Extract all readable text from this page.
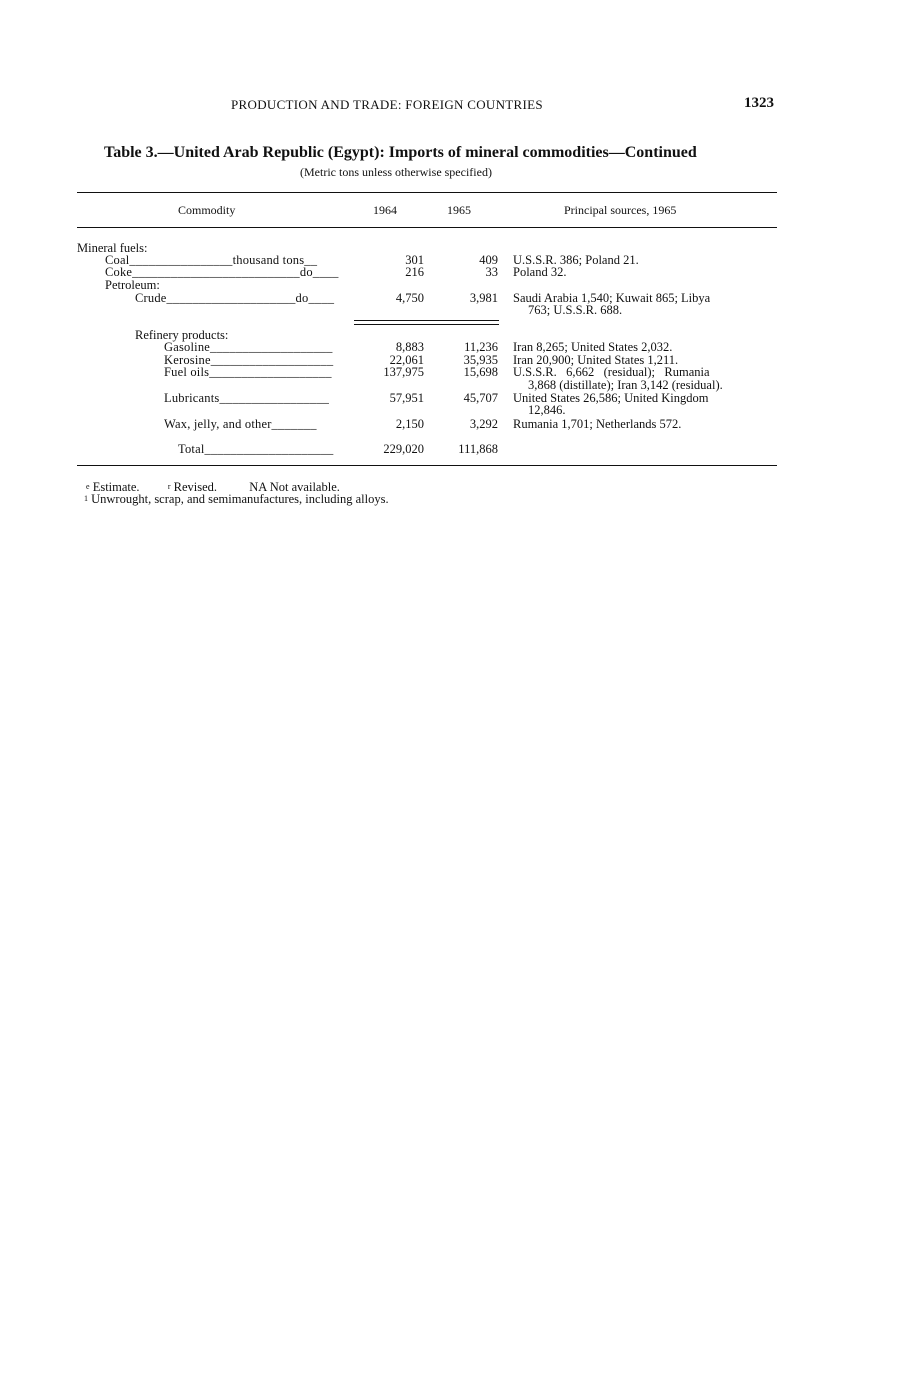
PRODUCTION AND TRADE: FOREIGN COUNTRIES	1323
Table 3.—United Arab Republic (Egypt): Imports of mineral commodities—Continued
(Metric tons unless otherwise specified)
Commodity	1964	1965	Principal sources, 1965
Mineral fuels:
Coal________________thousand tons__	301	409 U.S.S.R. 386; Poland 21.
Coke__________________________do____	216	33 Poland 32.
Petroleum:
Crude____________________do____	4,750	3,981 Saudi Arabia 1,540; Kuwait 865; Libya
763; U.S.S.R. 688.
Refinery products:
Gasoline___________________	8,883	11,236 Iran 8,265; United States 2,032.
Kerosine___________________	22,061	35,935 Iran 20,900; United States 1,211.
Fuel oils___________________	137,975	15,698 U.S.S.R.   6,662   (residual);   Rumania
3,868 (distillate); Iran 3,142 (residual).
Lubricants_________________	57,951	45,707 United States 26,586; United Kingdom
12,846.
Wax, jelly, and other_______	2,150	3,292 Rumania 1,701; Netherlands 572.
Total____________________	229,020	111,868
$^e$ Estimate.	$^r$ Revised.	NA Not available.
$^1$ Unwrought, scrap, and semimanufactures, including alloys.
